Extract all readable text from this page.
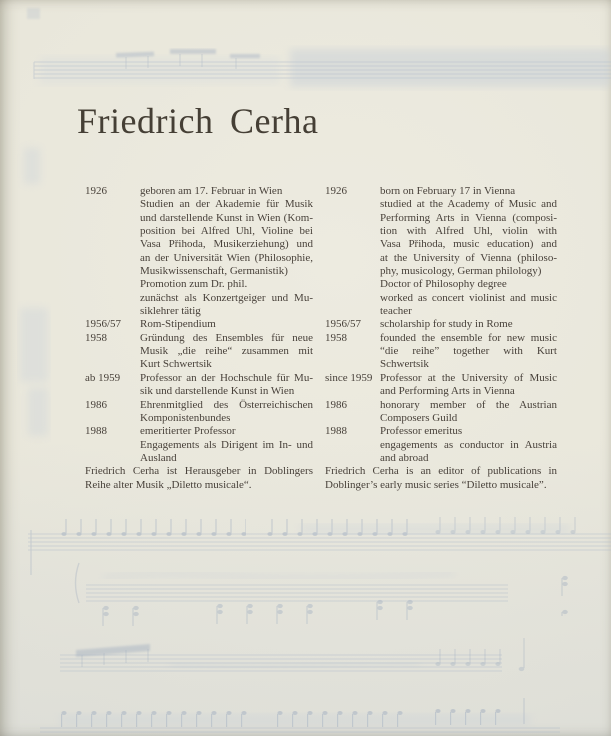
Friedrich Cerha
1926	geboren am 17. Februar in Wien
Studien an der Akademie für Musik
und darstellende Kunst in Wien (Kom-
position bei Alfred Uhl, Violine bei
Vasa Přihoda, Musikerziehung) und
an der Universität Wien (Philosophie,
Musikwissenschaft, Germanistik)
Promotion zum Dr. phil.
zunächst als Konzertgeiger und Mu-
siklehrer tätig
1956/57	Rom-Stipendium
1958	Gründung des Ensembles für neue
Musik „die reihe“ zusammen mit
Kurt Schwertsik
ab 1959	Professor an der Hochschule für Mu-
sik und darstellende Kunst in Wien
1986	Ehrenmitglied des Österreichischen
Komponistenbundes
1988	emeritierter Professor
Engagements als Dirigent im In- und
Ausland
Friedrich Cerha ist Herausgeber in Doblingers
Reihe alter Musik „Diletto musicale“.
1926	born on February 17 in Vienna
studied at the Academy of Music and
Performing Arts in Vienna (composi-
tion with Alfred Uhl, violin with
Vasa Přihoda, music education) and
at the University of Vienna (philoso-
phy, musicology, German philology)
Doctor of Philosophy degree
worked as concert violinist and music
teacher
1956/57	scholarship for study in Rome
1958	founded the ensemble for new music
“die reihe” together with Kurt
Schwertsik
since 1959 Professor at the University of Music
and Performing Arts in Vienna
1986	honorary member of the Austrian
Composers Guild
1988	Professor emeritus
engagements as conductor in Austria
and abroad
Friedrich Cerha is an editor of publications in
Doblinger’s early music series “Diletto musicale”.
